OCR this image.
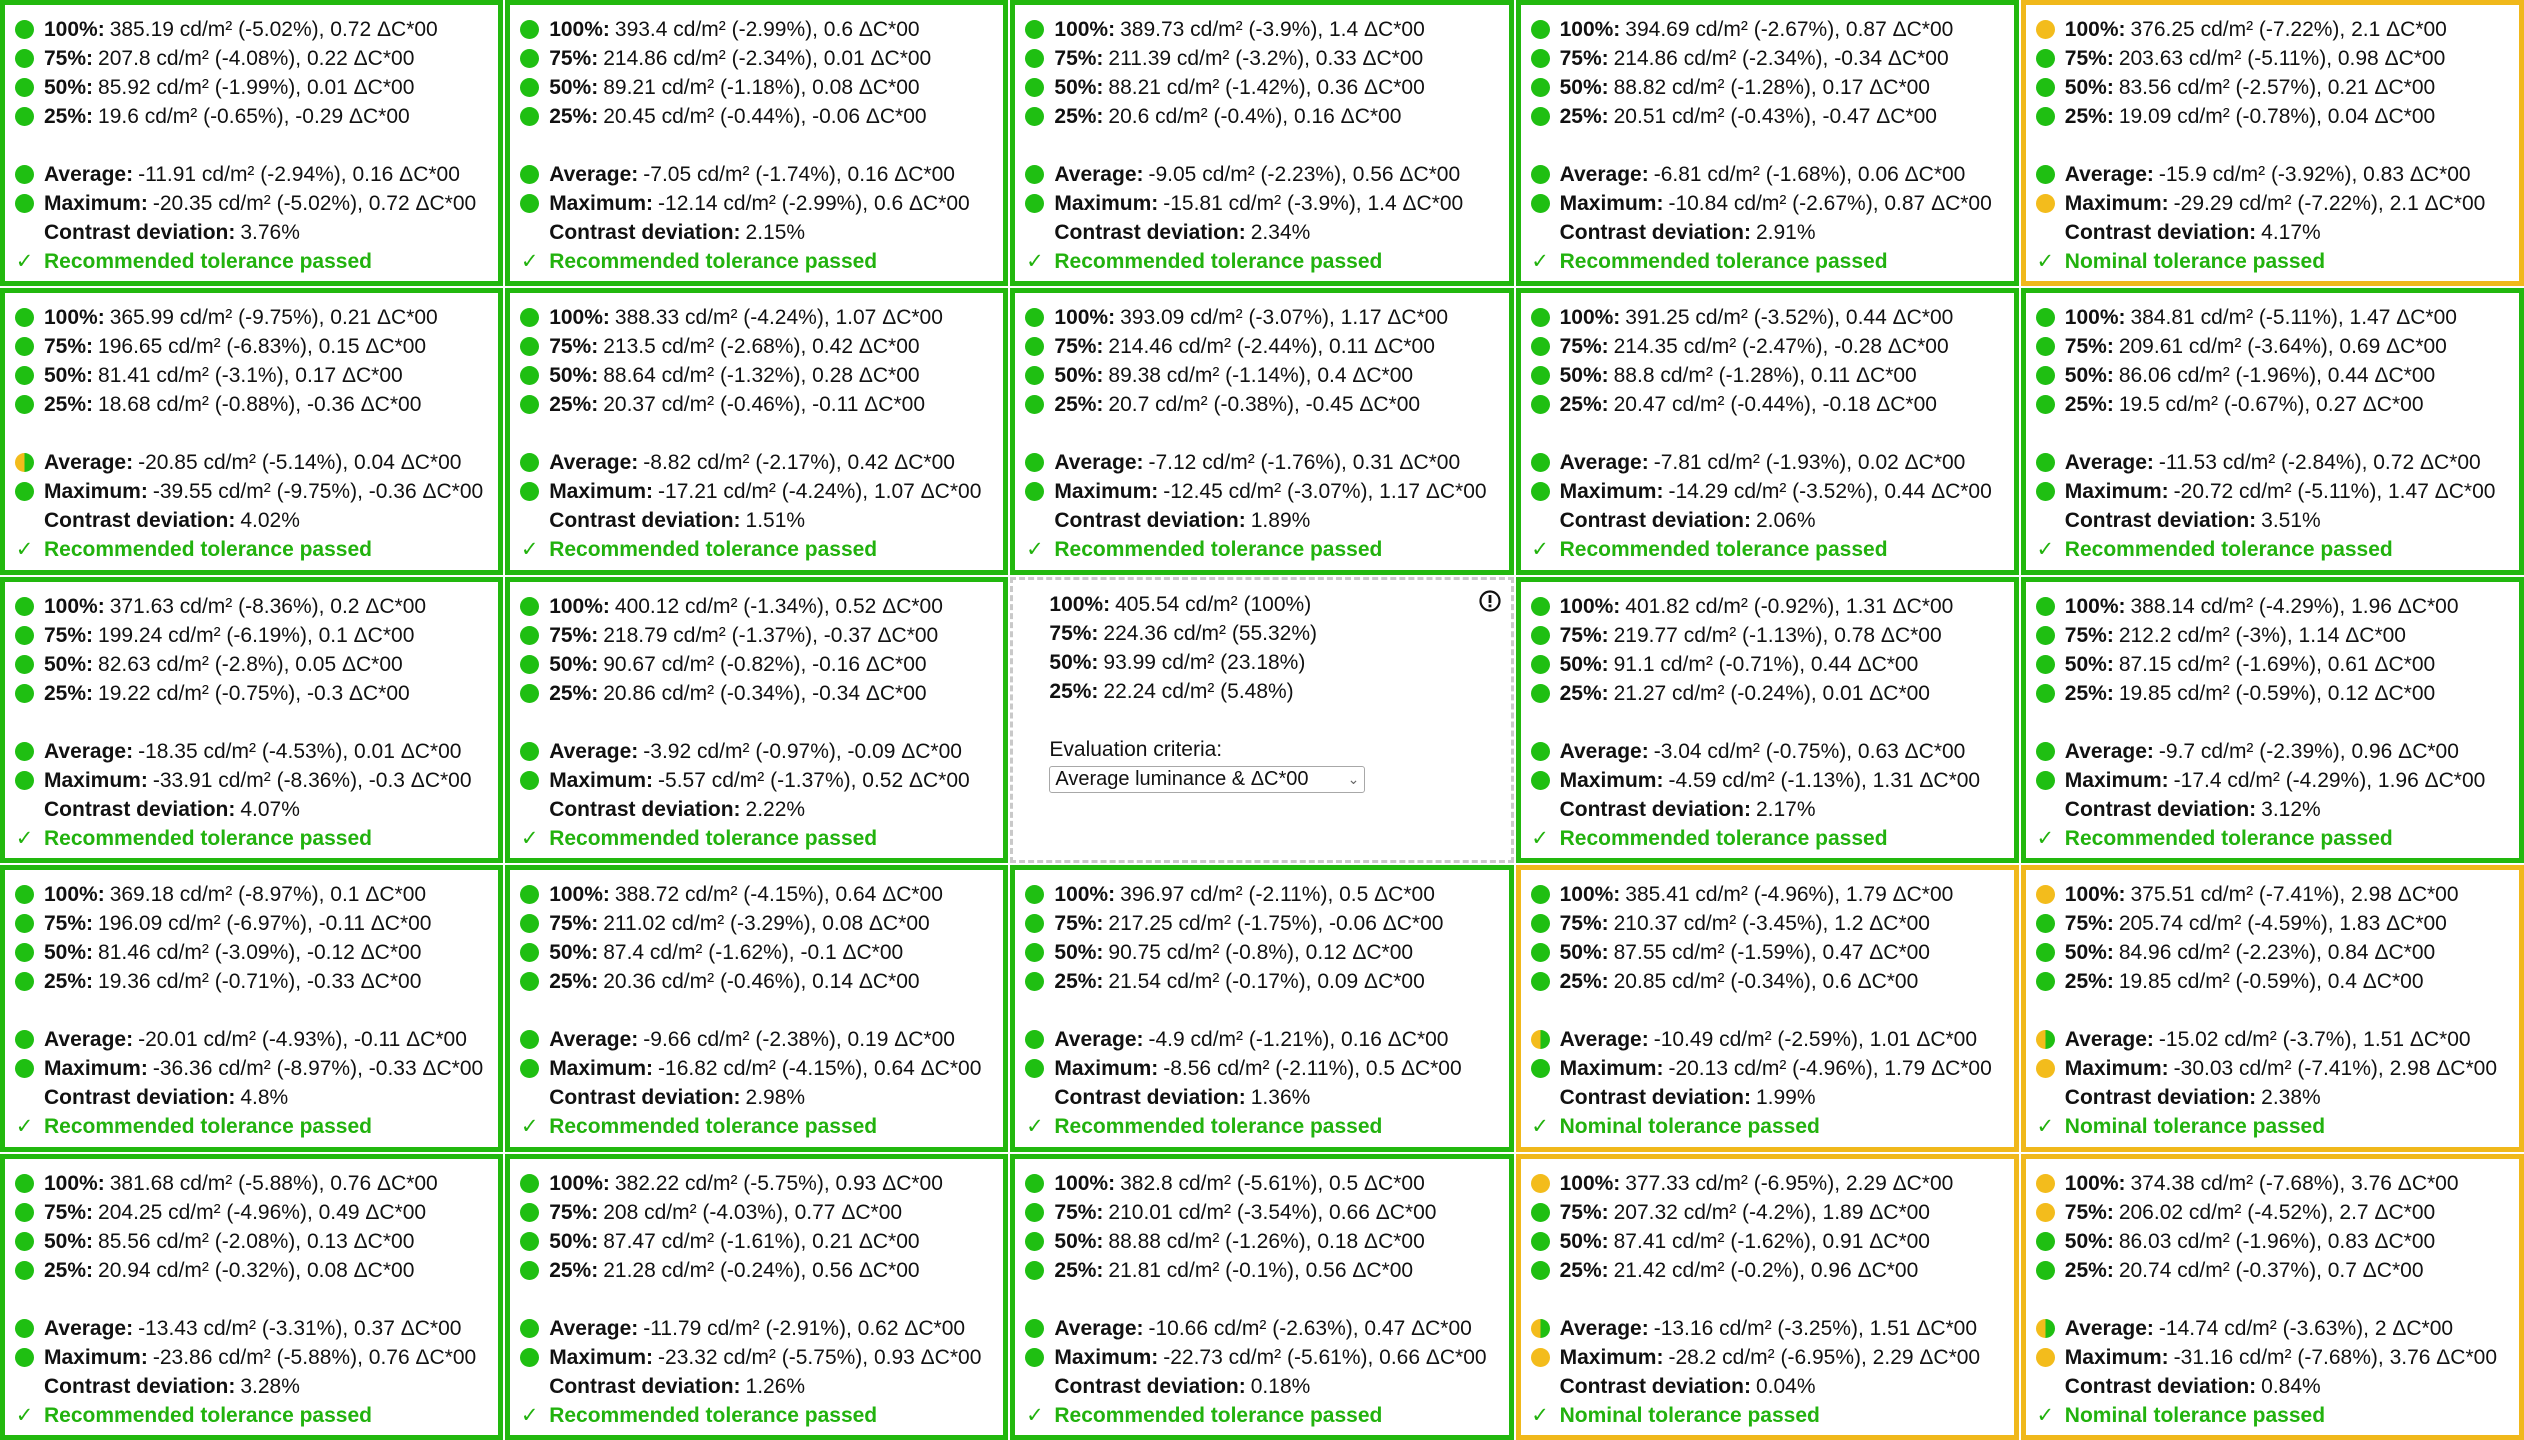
100%: 385.19 cd/m² (-5.02%), 0.72 ΔC*00
75%: 207.8 cd/m² (-4.08%), 0.22 ΔC*00
50%: 85.92 cd/m² (-1.99%), 0.01 ΔC*00
25%: 19.6 cd/m² (-0.65%), -0.29 ΔC*00
Average: -11.91 cd/m² (-2.94%), 0.16 ΔC*00
Maximum: -20.35 cd/m² (-5.02%), 0.72 ΔC*00
Contrast deviation: 3.76%
✓ Recommended tolerance passed
100%: 393.4 cd/m² (-2.99%), 0.6 ΔC*00
75%: 214.86 cd/m² (-2.34%), 0.01 ΔC*00
50%: 89.21 cd/m² (-1.18%), 0.08 ΔC*00
25%: 20.45 cd/m² (-0.44%), -0.06 ΔC*00
Average: -7.05 cd/m² (-1.74%), 0.16 ΔC*00
Maximum: -12.14 cd/m² (-2.99%), 0.6 ΔC*00
Contrast deviation: 2.15%
✓ Recommended tolerance passed
100%: 389.73 cd/m² (-3.9%), 1.4 ΔC*00
75%: 211.39 cd/m² (-3.2%), 0.33 ΔC*00
50%: 88.21 cd/m² (-1.42%), 0.36 ΔC*00
25%: 20.6 cd/m² (-0.4%), 0.16 ΔC*00
Average: -9.05 cd/m² (-2.23%), 0.56 ΔC*00
Maximum: -15.81 cd/m² (-3.9%), 1.4 ΔC*00
Contrast deviation: 2.34%
✓ Recommended tolerance passed
100%: 394.69 cd/m² (-2.67%), 0.87 ΔC*00
75%: 214.86 cd/m² (-2.34%), -0.34 ΔC*00
50%: 88.82 cd/m² (-1.28%), 0.17 ΔC*00
25%: 20.51 cd/m² (-0.43%), -0.47 ΔC*00
Average: -6.81 cd/m² (-1.68%), 0.06 ΔC*00
Maximum: -10.84 cd/m² (-2.67%), 0.87 ΔC*00
Contrast deviation: 2.91%
✓ Recommended tolerance passed
100%: 376.25 cd/m² (-7.22%), 2.1 ΔC*00
75%: 203.63 cd/m² (-5.11%), 0.98 ΔC*00
50%: 83.56 cd/m² (-2.57%), 0.21 ΔC*00
25%: 19.09 cd/m² (-0.78%), 0.04 ΔC*00
Average: -15.9 cd/m² (-3.92%), 0.83 ΔC*00
Maximum: -29.29 cd/m² (-7.22%), 2.1 ΔC*00
Contrast deviation: 4.17%
✓ Nominal tolerance passed
100%: 365.99 cd/m² (-9.75%), 0.21 ΔC*00
75%: 196.65 cd/m² (-6.83%), 0.15 ΔC*00
50%: 81.41 cd/m² (-3.1%), 0.17 ΔC*00
25%: 18.68 cd/m² (-0.88%), -0.36 ΔC*00
Average: -20.85 cd/m² (-5.14%), 0.04 ΔC*00
Maximum: -39.55 cd/m² (-9.75%), -0.36 ΔC*00
Contrast deviation: 4.02%
✓ Recommended tolerance passed
100%: 388.33 cd/m² (-4.24%), 1.07 ΔC*00
75%: 213.5 cd/m² (-2.68%), 0.42 ΔC*00
50%: 88.64 cd/m² (-1.32%), 0.28 ΔC*00
25%: 20.37 cd/m² (-0.46%), -0.11 ΔC*00
Average: -8.82 cd/m² (-2.17%), 0.42 ΔC*00
Maximum: -17.21 cd/m² (-4.24%), 1.07 ΔC*00
Contrast deviation: 1.51%
✓ Recommended tolerance passed
100%: 393.09 cd/m² (-3.07%), 1.17 ΔC*00
75%: 214.46 cd/m² (-2.44%), 0.11 ΔC*00
50%: 89.38 cd/m² (-1.14%), 0.4 ΔC*00
25%: 20.7 cd/m² (-0.38%), -0.45 ΔC*00
Average: -7.12 cd/m² (-1.76%), 0.31 ΔC*00
Maximum: -12.45 cd/m² (-3.07%), 1.17 ΔC*00
Contrast deviation: 1.89%
✓ Recommended tolerance passed
100%: 391.25 cd/m² (-3.52%), 0.44 ΔC*00
75%: 214.35 cd/m² (-2.47%), -0.28 ΔC*00
50%: 88.8 cd/m² (-1.28%), 0.11 ΔC*00
25%: 20.47 cd/m² (-0.44%), -0.18 ΔC*00
Average: -7.81 cd/m² (-1.93%), 0.02 ΔC*00
Maximum: -14.29 cd/m² (-3.52%), 0.44 ΔC*00
Contrast deviation: 2.06%
✓ Recommended tolerance passed
100%: 384.81 cd/m² (-5.11%), 1.47 ΔC*00
75%: 209.61 cd/m² (-3.64%), 0.69 ΔC*00
50%: 86.06 cd/m² (-1.96%), 0.44 ΔC*00
25%: 19.5 cd/m² (-0.67%), 0.27 ΔC*00
Average: -11.53 cd/m² (-2.84%), 0.72 ΔC*00
Maximum: -20.72 cd/m² (-5.11%), 1.47 ΔC*00
Contrast deviation: 3.51%
✓ Recommended tolerance passed
100%: 371.63 cd/m² (-8.36%), 0.2 ΔC*00
75%: 199.24 cd/m² (-6.19%), 0.1 ΔC*00
50%: 82.63 cd/m² (-2.8%), 0.05 ΔC*00
25%: 19.22 cd/m² (-0.75%), -0.3 ΔC*00
Average: -18.35 cd/m² (-4.53%), 0.01 ΔC*00
Maximum: -33.91 cd/m² (-8.36%), -0.3 ΔC*00
Contrast deviation: 4.07%
✓ Recommended tolerance passed
100%: 400.12 cd/m² (-1.34%), 0.52 ΔC*00
75%: 218.79 cd/m² (-1.37%), -0.37 ΔC*00
50%: 90.67 cd/m² (-0.82%), -0.16 ΔC*00
25%: 20.86 cd/m² (-0.34%), -0.34 ΔC*00
Average: -3.92 cd/m² (-0.97%), -0.09 ΔC*00
Maximum: -5.57 cd/m² (-1.37%), 0.52 ΔC*00
Contrast deviation: 2.22%
✓ Recommended tolerance passed
100%: 405.54 cd/m² (100%)
75%: 224.36 cd/m² (55.32%)
50%: 93.99 cd/m² (23.18%)
25%: 22.24 cd/m² (5.48%)
Evaluation criteria:
Average luminance & ΔC*00	⌄
100%: 401.82 cd/m² (-0.92%), 1.31 ΔC*00
75%: 219.77 cd/m² (-1.13%), 0.78 ΔC*00
50%: 91.1 cd/m² (-0.71%), 0.44 ΔC*00
25%: 21.27 cd/m² (-0.24%), 0.01 ΔC*00
Average: -3.04 cd/m² (-0.75%), 0.63 ΔC*00
Maximum: -4.59 cd/m² (-1.13%), 1.31 ΔC*00
Contrast deviation: 2.17%
✓ Recommended tolerance passed
100%: 388.14 cd/m² (-4.29%), 1.96 ΔC*00
75%: 212.2 cd/m² (-3%), 1.14 ΔC*00
50%: 87.15 cd/m² (-1.69%), 0.61 ΔC*00
25%: 19.85 cd/m² (-0.59%), 0.12 ΔC*00
Average: -9.7 cd/m² (-2.39%), 0.96 ΔC*00
Maximum: -17.4 cd/m² (-4.29%), 1.96 ΔC*00
Contrast deviation: 3.12%
✓ Recommended tolerance passed
100%: 369.18 cd/m² (-8.97%), 0.1 ΔC*00
75%: 196.09 cd/m² (-6.97%), -0.11 ΔC*00
50%: 81.46 cd/m² (-3.09%), -0.12 ΔC*00
25%: 19.36 cd/m² (-0.71%), -0.33 ΔC*00
Average: -20.01 cd/m² (-4.93%), -0.11 ΔC*00
Maximum: -36.36 cd/m² (-8.97%), -0.33 ΔC*00
Contrast deviation: 4.8%
✓ Recommended tolerance passed
100%: 388.72 cd/m² (-4.15%), 0.64 ΔC*00
75%: 211.02 cd/m² (-3.29%), 0.08 ΔC*00
50%: 87.4 cd/m² (-1.62%), -0.1 ΔC*00
25%: 20.36 cd/m² (-0.46%), 0.14 ΔC*00
Average: -9.66 cd/m² (-2.38%), 0.19 ΔC*00
Maximum: -16.82 cd/m² (-4.15%), 0.64 ΔC*00
Contrast deviation: 2.98%
✓ Recommended tolerance passed
100%: 396.97 cd/m² (-2.11%), 0.5 ΔC*00
75%: 217.25 cd/m² (-1.75%), -0.06 ΔC*00
50%: 90.75 cd/m² (-0.8%), 0.12 ΔC*00
25%: 21.54 cd/m² (-0.17%), 0.09 ΔC*00
Average: -4.9 cd/m² (-1.21%), 0.16 ΔC*00
Maximum: -8.56 cd/m² (-2.11%), 0.5 ΔC*00
Contrast deviation: 1.36%
✓ Recommended tolerance passed
100%: 385.41 cd/m² (-4.96%), 1.79 ΔC*00
75%: 210.37 cd/m² (-3.45%), 1.2 ΔC*00
50%: 87.55 cd/m² (-1.59%), 0.47 ΔC*00
25%: 20.85 cd/m² (-0.34%), 0.6 ΔC*00
Average: -10.49 cd/m² (-2.59%), 1.01 ΔC*00
Maximum: -20.13 cd/m² (-4.96%), 1.79 ΔC*00
Contrast deviation: 1.99%
✓ Nominal tolerance passed
100%: 375.51 cd/m² (-7.41%), 2.98 ΔC*00
75%: 205.74 cd/m² (-4.59%), 1.83 ΔC*00
50%: 84.96 cd/m² (-2.23%), 0.84 ΔC*00
25%: 19.85 cd/m² (-0.59%), 0.4 ΔC*00
Average: -15.02 cd/m² (-3.7%), 1.51 ΔC*00
Maximum: -30.03 cd/m² (-7.41%), 2.98 ΔC*00
Contrast deviation: 2.38%
✓ Nominal tolerance passed
100%: 381.68 cd/m² (-5.88%), 0.76 ΔC*00
75%: 204.25 cd/m² (-4.96%), 0.49 ΔC*00
50%: 85.56 cd/m² (-2.08%), 0.13 ΔC*00
25%: 20.94 cd/m² (-0.32%), 0.08 ΔC*00
Average: -13.43 cd/m² (-3.31%), 0.37 ΔC*00
Maximum: -23.86 cd/m² (-5.88%), 0.76 ΔC*00
Contrast deviation: 3.28%
✓ Recommended tolerance passed
100%: 382.22 cd/m² (-5.75%), 0.93 ΔC*00
75%: 208 cd/m² (-4.03%), 0.77 ΔC*00
50%: 87.47 cd/m² (-1.61%), 0.21 ΔC*00
25%: 21.28 cd/m² (-0.24%), 0.56 ΔC*00
Average: -11.79 cd/m² (-2.91%), 0.62 ΔC*00
Maximum: -23.32 cd/m² (-5.75%), 0.93 ΔC*00
Contrast deviation: 1.26%
✓ Recommended tolerance passed
100%: 382.8 cd/m² (-5.61%), 0.5 ΔC*00
75%: 210.01 cd/m² (-3.54%), 0.66 ΔC*00
50%: 88.88 cd/m² (-1.26%), 0.18 ΔC*00
25%: 21.81 cd/m² (-0.1%), 0.56 ΔC*00
Average: -10.66 cd/m² (-2.63%), 0.47 ΔC*00
Maximum: -22.73 cd/m² (-5.61%), 0.66 ΔC*00
Contrast deviation: 0.18%
✓ Recommended tolerance passed
100%: 377.33 cd/m² (-6.95%), 2.29 ΔC*00
75%: 207.32 cd/m² (-4.2%), 1.89 ΔC*00
50%: 87.41 cd/m² (-1.62%), 0.91 ΔC*00
25%: 21.42 cd/m² (-0.2%), 0.96 ΔC*00
Average: -13.16 cd/m² (-3.25%), 1.51 ΔC*00
Maximum: -28.2 cd/m² (-6.95%), 2.29 ΔC*00
Contrast deviation: 0.04%
✓ Nominal tolerance passed
100%: 374.38 cd/m² (-7.68%), 3.76 ΔC*00
75%: 206.02 cd/m² (-4.52%), 2.7 ΔC*00
50%: 86.03 cd/m² (-1.96%), 0.83 ΔC*00
25%: 20.74 cd/m² (-0.37%), 0.7 ΔC*00
Average: -14.74 cd/m² (-3.63%), 2 ΔC*00
Maximum: -31.16 cd/m² (-7.68%), 3.76 ΔC*00
Contrast deviation: 0.84%
✓ Nominal tolerance passed
